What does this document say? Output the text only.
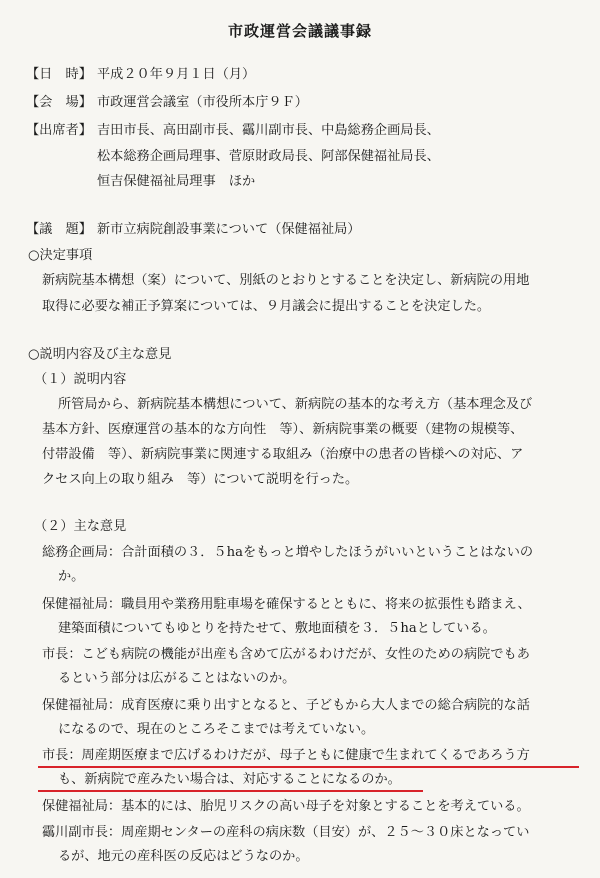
市政運営会議議事録
【日　時】 平成２０年９月１日（月）
【会　場】 市政運営会議室（市役所本庁９Ｆ）
【出席者】 吉田市長、高田副市長、靍川副市長、中島総務企画局長、
松本総務企画局理事、菅原財政局長、阿部保健福祉局長、
恒吉保健福祉局理事　ほか
【議　題】 新市立病院創設事業について（保健福祉局）
○決定事項
新病院基本構想（案）について、別紙のとおりとすることを決定し、新病院の用地
取得に必要な補正予算案については、９月議会に提出することを決定した。
○説明内容及び主な意見
（１）説明内容
所管局から、新病院基本構想について、新病院の基本的な考え方（基本理念及び
基本方針、医療運営の基本的な方向性　等）、新病院事業の概要（建物の規模等、
付帯設備　等）、新病院事業に関連する取組み（治療中の患者の皆様への対応、ア
クセス向上の取り組み　等）について説明を行った。
（２）主な意見
総務企画局：合計面積の３．５haをもっと増やしたほうがいいということはないの
か。
保健福祉局：職員用や業務用駐車場を確保するとともに、将来の拡張性も踏まえ、
建築面積についてもゆとりを持たせて、敷地面積を３．５haとしている。
市長：こども病院の機能が出産も含めて広がるわけだが、女性のための病院でもあ
るという部分は広がることはないのか。
保健福祉局：成育医療に乗り出すとなると、子どもから大人までの総合病院的な話
になるので、現在のところそこまでは考えていない。
市長：周産期医療まで広げるわけだが、母子ともに健康で生まれてくるであろう方
も、新病院で産みたい場合は、対応することになるのか。
保健福祉局：基本的には、胎児リスクの高い母子を対象とすることを考えている。
靍川副市長：周産期センターの産科の病床数（目安）が、２５～３０床となってい
るが、地元の産科医の反応はどうなのか。
